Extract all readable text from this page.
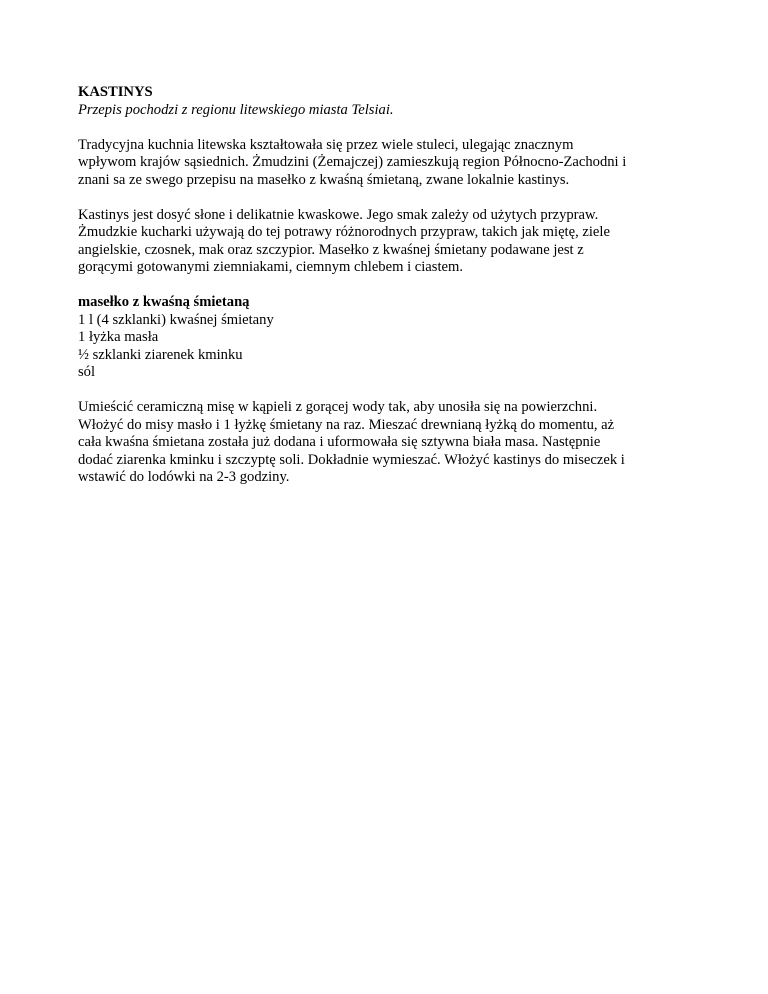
KASTINYS

Przepis pochodzi z regionu litewskiego miasta Telsiai.

Tradycyjna kuchnia litewska kształtowała się przez wiele stuleci, ulegając znacznym

wpływom krajów sąsiednich. Żmudzini (Żemajczej) zamieszkują region Północno-Zachodni i

znani sa ze swego przepisu na masełko z kwaśną śmietaną, zwane lokalnie kastinys.

Kastinys jest dosyć słone i delikatnie kwaskowe. Jego smak zależy od użytych przypraw.

Żmudzkie kucharki używają do tej potrawy różnorodnych przypraw, takich jak miętę, ziele

angielskie, czosnek, mak oraz szczypior. Masełko z kwaśnej śmietany podawane jest z

gorącymi gotowanymi ziemniakami, ciemnym chlebem i ciastem.

masełko z kwaśną śmietaną

1 l (4 szklanki) kwaśnej śmietany
1 łyżka masła
½ szklanki ziarenek kminku
sól

Umieścić ceramiczną misę w kąpieli z gorącej wody tak, aby unosiła się na powierzchni.

Włożyć do misy masło i 1 łyżkę śmietany na raz. Mieszać drewnianą łyżką do momentu, aż

cała kwaśna śmietana została już dodana i uformowała się sztywna biała masa. Następnie

dodać ziarenka kminku i szczyptę soli. Dokładnie wymieszać. Włożyć kastinys do miseczek i

wstawić do lodówki na 2-3 godziny.
